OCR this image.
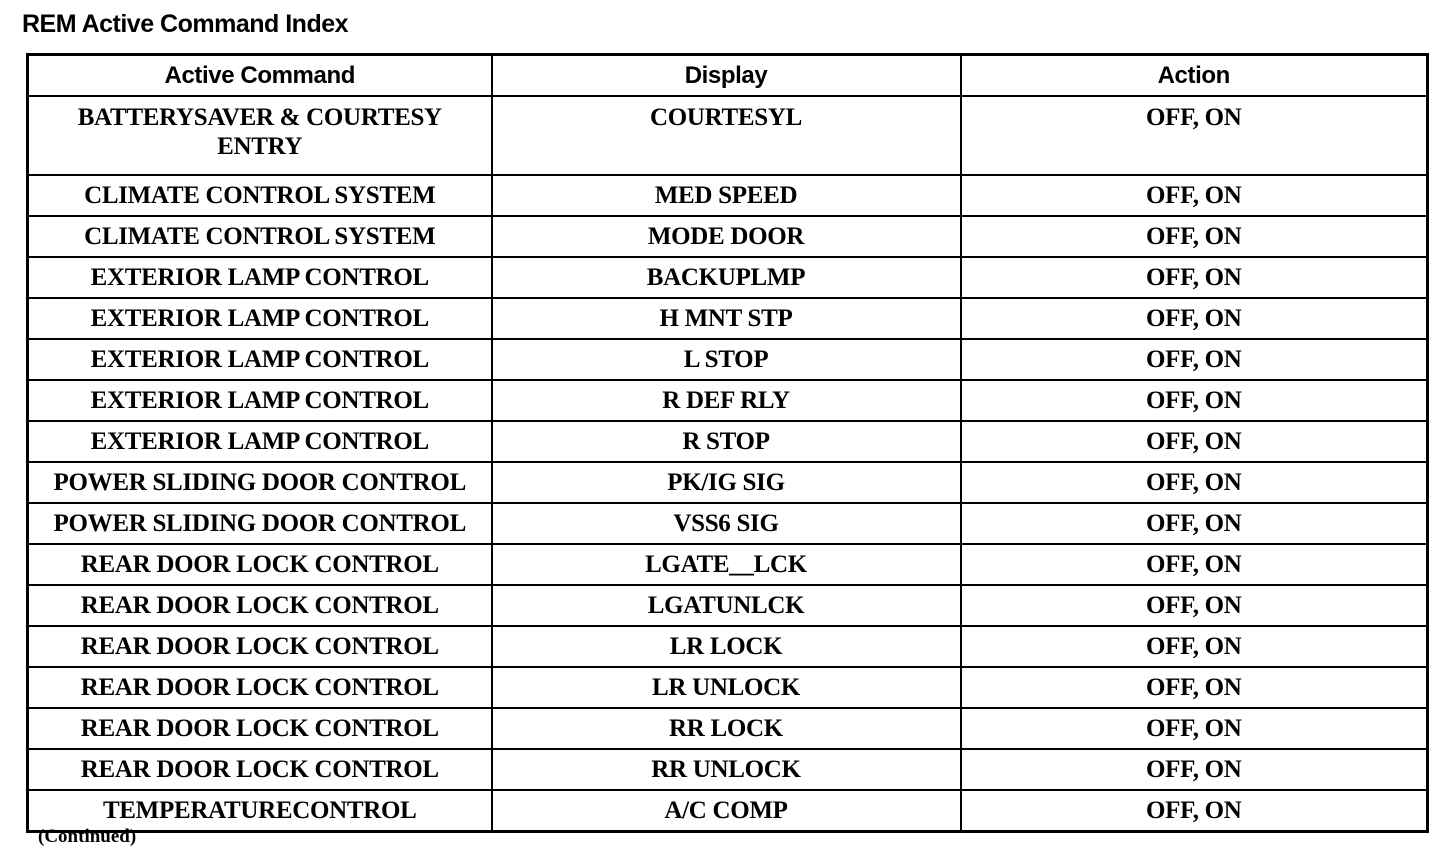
REM Active Command Index
Active Command	Display	Action
BATTERYSAVER & COURTESY ENTRY	COURTESYL	OFF, ON
CLIMATE CONTROL SYSTEM	MED SPEED	OFF, ON
CLIMATE CONTROL SYSTEM	MODE DOOR	OFF, ON
EXTERIOR LAMP CONTROL	BACKUPLMP	OFF, ON
EXTERIOR LAMP CONTROL	H MNT STP	OFF, ON
EXTERIOR LAMP CONTROL	L STOP	OFF, ON
EXTERIOR LAMP CONTROL	R DEF RLY	OFF, ON
EXTERIOR LAMP CONTROL	R STOP	OFF, ON
POWER SLIDING DOOR CONTROL	PK/IG SIG	OFF, ON
POWER SLIDING DOOR CONTROL	VSS6 SIG	OFF, ON
REAR DOOR LOCK CONTROL	LGATE__LCK	OFF, ON
REAR DOOR LOCK CONTROL	LGATUNLCK	OFF, ON
REAR DOOR LOCK CONTROL	LR LOCK	OFF, ON
REAR DOOR LOCK CONTROL	LR UNLOCK	OFF, ON
REAR DOOR LOCK CONTROL	RR LOCK	OFF, ON
REAR DOOR LOCK CONTROL	RR UNLOCK	OFF, ON
TEMPERATURECONTROL	A/C COMP	OFF, ON
(Continued)
